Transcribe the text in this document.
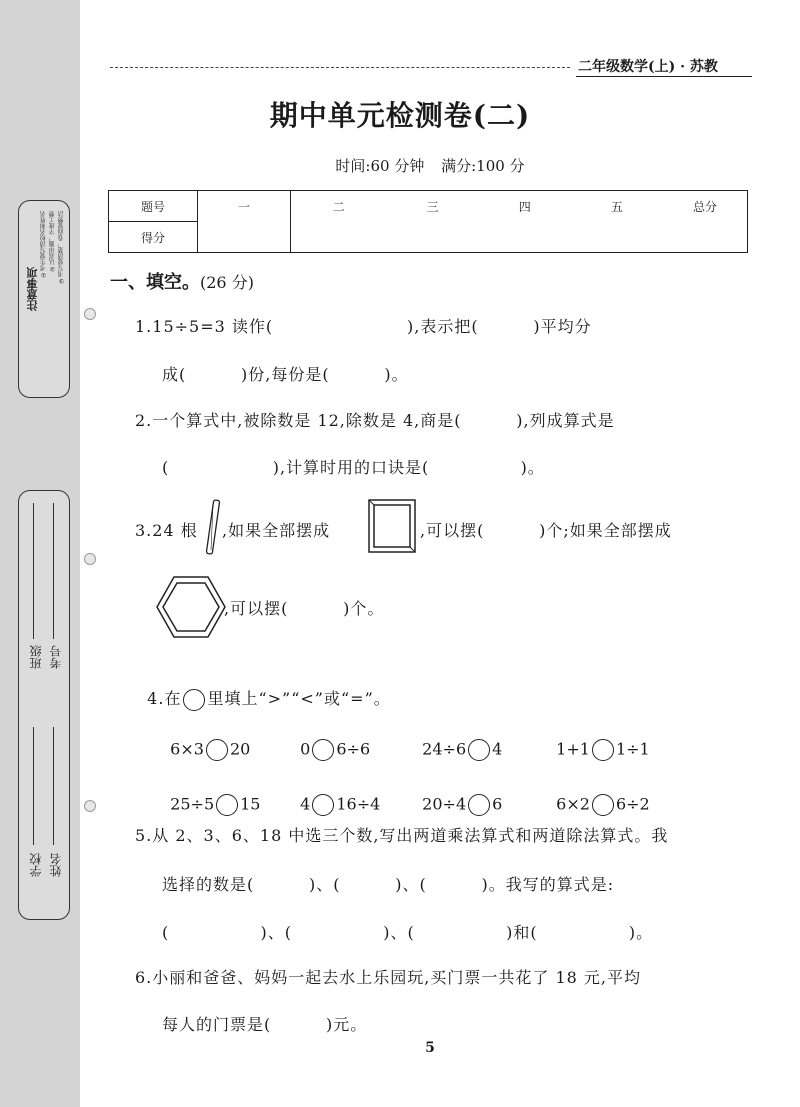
注意事项
①考生要写清校名和姓名 ②认真审题，字迹工整 ③书写要清楚，卷面要整洁
学校 姓名
班级 考号
二年级数学(上) · 苏教
期中单元检测卷(二)
时间:60 分钟 满分:100 分
题号	一	二	三	四	五	总分
得分						
一、填空。(26 分)
1.15÷5=3 读作(                      ),表示把(         )平均分
成(         )份,每份是(         )。
2.一个算式中,被除数是 12,除数是 4,商是(         ),列成算式是
(                 ),计算时用的口诀是(               )。
3.24 根 ,如果全部摆成	,可以摆(         )个;如果全部摆成
,可以摆(         )个。

4.在 里填上“>”“<”或“=”。

6×3 20	0 6÷6	24÷6 4	1+1 1÷1

25÷5 15	4 16÷4	20÷4 6	6×2 6÷2

5.从 2、3、6、18 中选三个数,写出两道乘法算式和两道除法算式。我
选择的数是(         )、(         )、(         )。我写的算式是:
(               )、(               )、(               )和(               )。
6.小丽和爸爸、妈妈一起去水上乐园玩,买门票一共花了 18 元,平均
每人的门票是(         )元。
5
